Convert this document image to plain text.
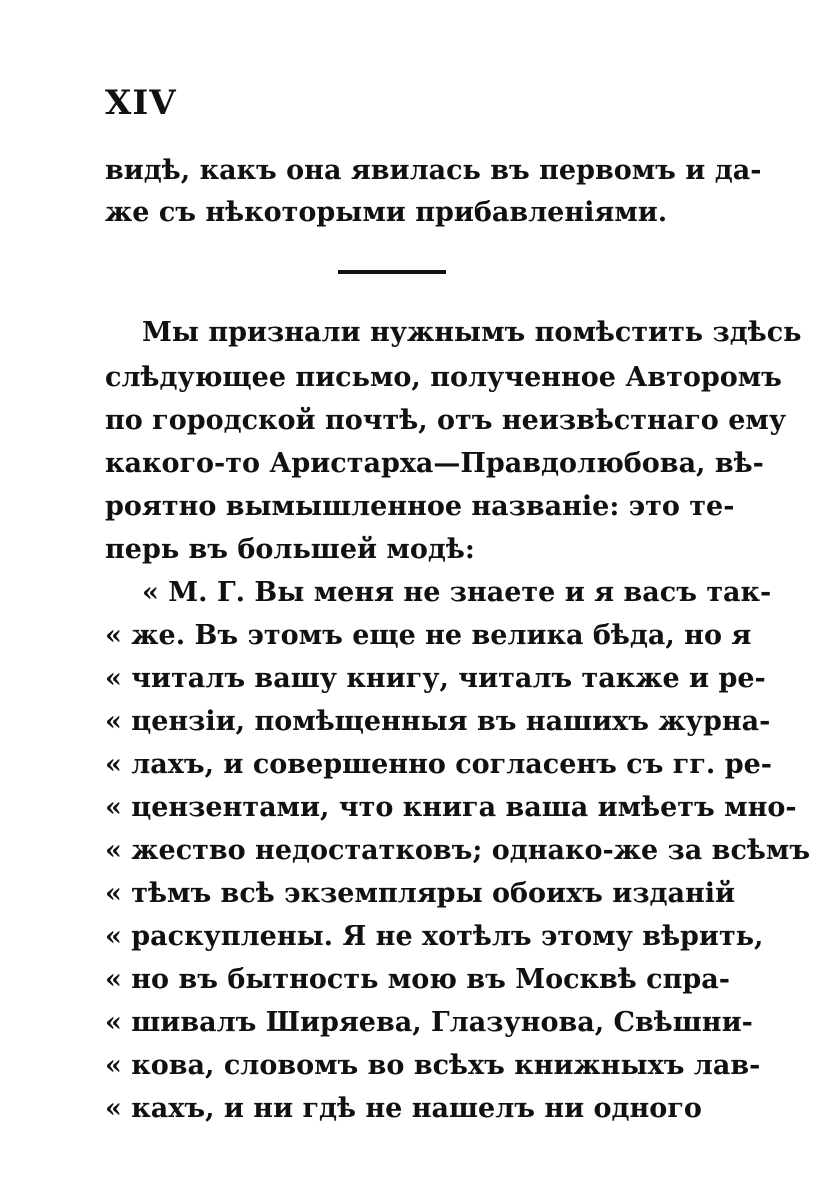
XIV
видѣ, какъ она явилась въ первомъ и да-
же съ нѣкоторыми прибавленіями.
Мы признали нужнымъ помѣстить здѣсь
слѣдующее письмо, полученное Авторомъ
по городской почтѣ, отъ неизвѣстнаго ему
какого-то Аристарха—Правдолюбова, вѣ-
роятно вымышленное названіе: это те-
перь въ большей модѣ:
« М. Г. Вы меня не знаете и я васъ так-
« же. Въ этомъ еще не велика бѣда, но я
« читалъ вашу книгу, читалъ также и ре-
« цензіи, помѣщенныя въ нашихъ журна-
« лахъ, и совершенно согласенъ съ гг. ре-
« цензентами, что книга ваша имѣетъ мно-
« жество недостатковъ; однако-же за всѣмъ
« тѣмъ всѣ экземпляры обоихъ изданій
« раскуплены. Я не хотѣлъ этому вѣрить,
« но въ бытность мою въ Москвѣ спра-
« шивалъ Ширяева, Глазунова, Свѣшни-
« кова, словомъ во всѣхъ книжныхъ лав-
« кахъ, и ни гдѣ не нашелъ ни одного
